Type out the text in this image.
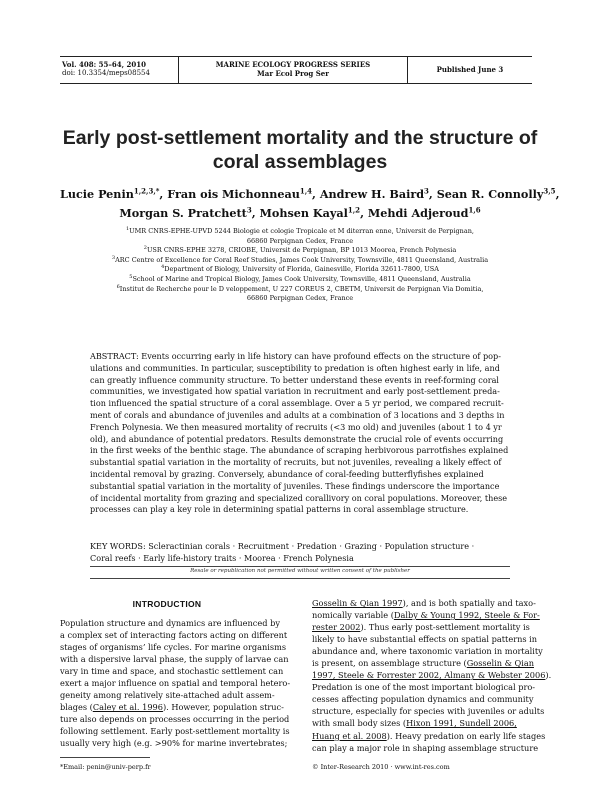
Vol. 408: 55–64, 2010
doi: 10.3354/meps08554
MARINE ECOLOGY PROGRESS SERIES
Mar Ecol Prog Ser	Published June 3
Early post-settlement mortality and the structure of
coral assemblages
Lucie Penin$^{1,2,3,*}$, Fran ois Michonneau$^{1,4}$, Andrew H. Baird$^3$, Sean R. Connolly$^{3,5}$,
Morgan S. Pratchett$^3$, Mohsen Kayal$^{1,2}$, Mehdi Adjeroud$^{1,6}$
$^1$UMR CNRS-EPHE-UPVD 5244 Biologie et cologie Tropicale et M diterran enne, Universit de Perpignan,
66860 Perpignan Cedex, France
$^2$USR CNRS-EPHE 3278, CRIOBE, Universit de Perpignan, BP 1013 Moorea, French Polynesia
$^3$ARC Centre of Excellence for Coral Reef Studies, James Cook University, Townsville, 4811 Queensland, Australia
$^4$Department of Biology, University of Florida, Gainesville, Florida 32611-7800, USA
$^5$School of Marine and Tropical Biology, James Cook University, Townsville, 4811 Queensland, Australia
$^6$Institut de Recherche pour le D veloppement, U 227 COREUS 2, CBETM, Universit de Perpignan Via Domitia,
66860 Perpignan Cedex, France
ABSTRACT: Events occurring early in life history can have profound effects on the structure of pop-
ulations and communities. In particular, susceptibility to predation is often highest early in life, and
can greatly influence community structure. To better understand these events in reef-forming coral
communities, we investigated how spatial variation in recruitment and early post-settlement preda-
tion influenced the spatial structure of a coral assemblage. Over a 5 yr period, we compared recruit-
ment of corals and abundance of juveniles and adults at a combination of 3 locations and 3 depths in
French Polynesia. We then measured mortality of recruits (<3 mo old) and juveniles (about 1 to 4 yr
old), and abundance of potential predators. Results demonstrate the crucial role of events occurring
in the first weeks of the benthic stage. The abundance of scraping herbivorous parrotfishes explained
substantial spatial variation in the mortality of recruits, but not juveniles, revealing a likely effect of
incidental removal by grazing. Conversely, abundance of coral-feeding butterflyfishes explained
substantial spatial variation in the mortality of juveniles. These findings underscore the importance
of incidental mortality from grazing and specialized corallivory on coral populations. Moreover, these
processes can play a key role in determining spatial patterns in coral assemblage structure.
KEY WORDS: Scleractinian corals · Recruitment · Predation · Grazing · Population structure ·
Coral reefs · Early life-history traits · Moorea · French Polynesia
Resale or republication not permitted without written consent of the publisher
INTRODUCTION
Population structure and dynamics are influenced by
a complex set of interacting factors acting on different
stages of organisms’ life cycles. For marine organisms
with a dispersive larval phase, the supply of larvae can
vary in time and space, and stochastic settlement can
exert a major influence on spatial and temporal hetero-
geneity among relatively site-attached adult assem-
blages (Caley et al. 1996). However, population struc-
ture also depends on processes occurring in the period
following settlement. Early post-settlement mortality is
usually very high (e.g. >90% for marine invertebrates;
Gosselin & Qian 1997), and is both spatially and taxo-
nomically variable (Dalby & Young 1992, Steele & For-
rester 2002). Thus early post-settlement mortality is
likely to have substantial effects on spatial patterns in
abundance and, where taxonomic variation in mortality
is present, on assemblage structure (Gosselin & Qian
1997, Steele & Forrester 2002, Almany & Webster 2006).
Predation is one of the most important biological pro-
cesses affecting population dynamics and community
structure, especially for species with juveniles or adults
with small body sizes (Hixon 1991, Sundell 2006,
Huang et al. 2008). Heavy predation on early life stages
can play a major role in shaping assemblage structure
*Email: penin@univ-perp.fr	© Inter-Research 2010 · www.int-res.com
